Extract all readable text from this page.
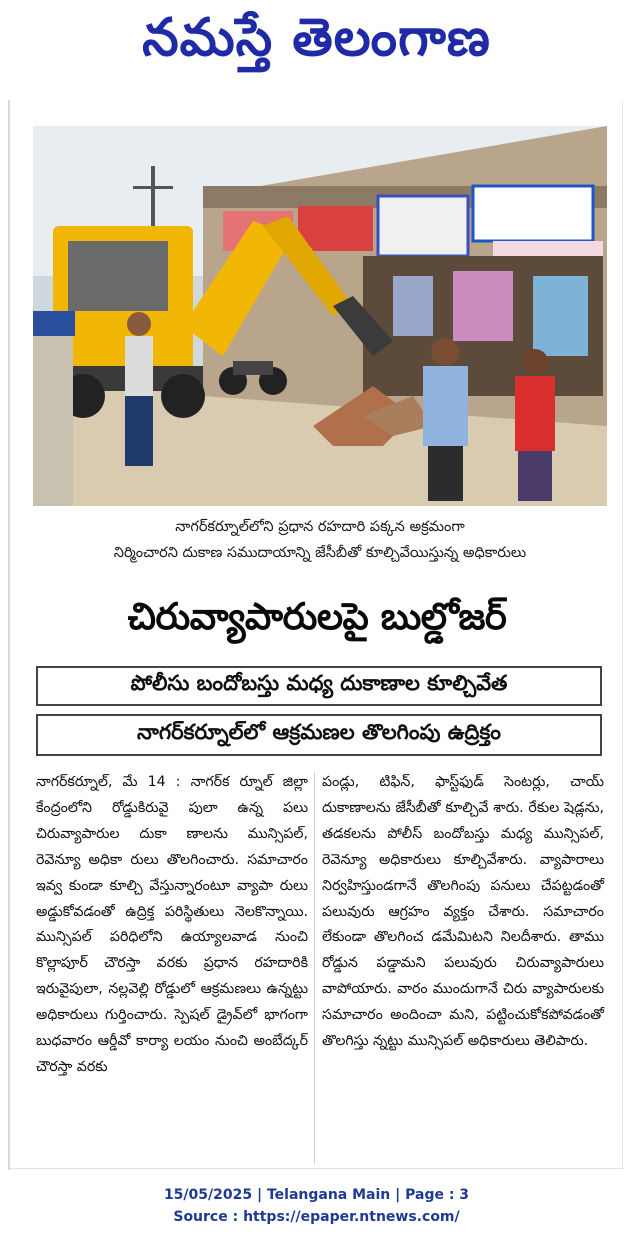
నమస్తే తెలంగాణ
నాగర్‌కర్నూల్‌లోని ప్రధాన రహదారి పక్కన అక్రమంగా
నిర్మించారని దుకాణ సముదాయాన్ని జేసీబీతో కూల్చివేయిస్తున్న అధికారులు
చిరువ్యాపారులపై బుల్డోజర్
పోలీసు బందోబస్తు మధ్య దుకాణాల కూల్చివేత
నాగర్‌కర్నూల్‌లో ఆక్రమణల తొలగింపు ఉద్రిక్తం

నాగర్‌కర్నూల్‌, మే 14 : నాగర్‌క ర్నూల్‌ జిల్లా కేంద్రంలోని రోడ్డుకిరువై పులా ఉన్న పలు చిరువ్యాపారుల దుకా ణాలను మున్సిపల్‌, రెవెన్యూ అధికా రులు తొలగించారు. సమాచారం ఇవ్వ కుండా కూల్చి వేస్తున్నారంటూ వ్యాపా రులు అడ్డుకోవడంతో ఉద్రిక్త పరిస్థితులు నెలకొన్నాయి. మున్సిపల్‌ పరిధిలోని ఉయ్యాలవాడ నుంచి కొల్లాపూర్‌ చౌరస్తా వరకు ప్రధాన రహదారికి ఇరువైపులా, నల్లవెల్లి రోడ్డులో ఆక్రమణలు ఉన్నట్టు అధికారులు గుర్తించారు. స్పెషల్‌ డ్రైవ్‌లో భాగంగా బుధవారం ఆర్డీవో కార్యా లయం నుంచి అంబేద్కర్‌ చౌరస్తా వరకు

పండ్లు, టిఫిన్‌, ఫాస్ట్‌ఫుడ్‌ సెంటర్లు, చాయ్‌ దుకాణాలను జేసీబీతో కూల్చివే శారు. రేకుల షెడ్లను, తడకలను పోలీస్‌ బందోబస్తు మధ్య మున్సిపల్‌, రెవెన్యూ అధికారులు కూల్చివేశారు. వ్యాపారాలు నిర్వహిస్తుండగానే తొలగింపు పనులు చేపట్టడంతో పలువురు ఆగ్రహం వ్యక్తం చేశారు. సమాచారం లేకుండా తొలగించ డమేమిటని నిలదీశారు. తాము రోడ్డున పడ్డామని పలువురు చిరువ్యాపారులు వాపోయారు. వారం ముందుగానే చిరు వ్యాపారులకు సమాచారం అందించా మని, పట్టించుకోకపోవడంతో తొలగిస్తు న్నట్టు మున్సిపల్‌ అధికారులు తెలిపారు.

15/05/2025 | Telangana Main | Page : 3
Source : https://epaper.ntnews.com/
